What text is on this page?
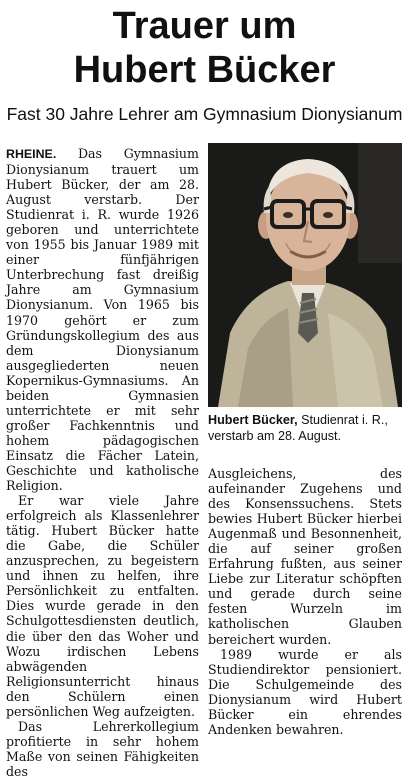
Trauer um
Hubert Bücker
Fast 30 Jahre Lehrer am Gymnasium Dionysianum

RHEINE. Das Gymnasium Dionysianum trauert um Hubert Bücker, der am 28. August verstarb. Der Studienrat i. R. wurde 1926 geboren und unterrichtete von 1955 bis Januar 1989 mit einer fünfjährigen Unterbrechung fast dreißig Jahre am Gymnasium Dionysianum. Von 1965 bis 1970 gehört er zum Gründungskollegium des aus dem Dionysianum ausgegliederten neuen Kopernikus-Gymnasiums. An beiden Gymnasien unterrichtete er mit sehr großer Fachkenntnis und hohem pädagogischen Einsatz die Fächer Latein, Geschichte und katholische Religion.

Er war viele Jahre erfolgreich als Klassenlehrer tätig. Hubert Bücker hatte die Gabe, die Schüler anzusprechen, zu begeistern und ihnen zu helfen, ihre Persönlichkeit zu entfalten. Dies wurde gerade in den Schulgottesdiensten deutlich, die über den das Woher und Wozu irdischen Lebens abwägenden Religionsunterricht hinaus den Schülern einen persönlichen Weg aufzeigten.

Das Lehrerkollegium profitierte in sehr hohem Maße von seinen Fähigkeiten des

Hubert Bücker, Studienrat i. R., verstarb am 28. August.

Ausgleichens, des aufeinander Zugehens und des Konsenssuchens. Stets bewies Hubert Bücker hierbei Augenmaß und Besonnenheit, die auf seiner großen Erfahrung fußten, aus seiner Liebe zur Literatur schöpften und gerade durch seine festen Wurzeln im katholischen Glauben bereichert wurden.

1989 wurde er als Studiendirektor pensioniert. Die Schulgemeinde des Dionysianum wird Hubert Bücker ein ehrendes Andenken bewahren.
